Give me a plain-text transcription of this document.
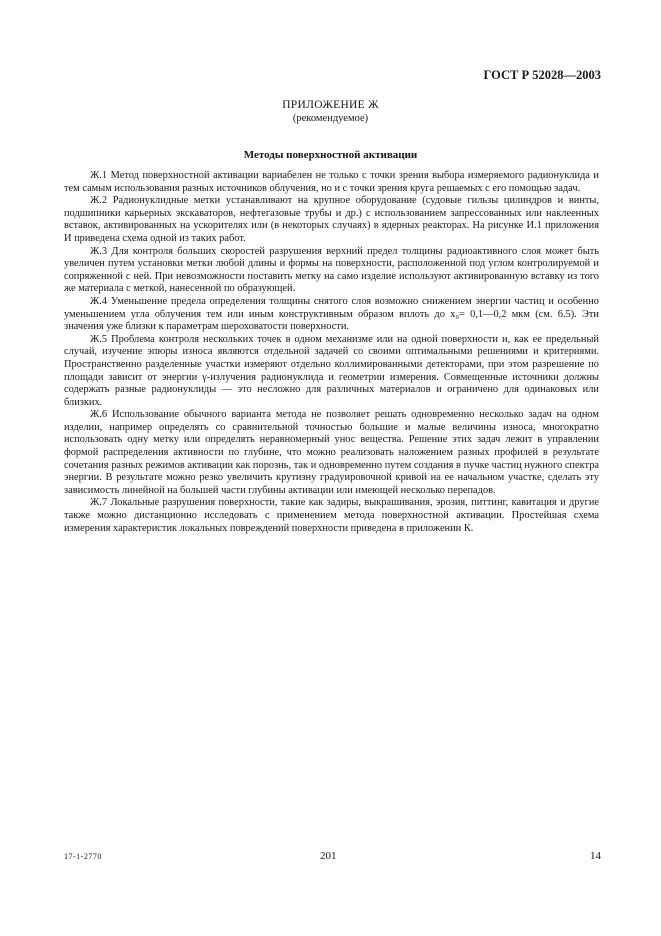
ГОСТ Р 52028—2003
ПРИЛОЖЕНИЕ Ж
(рекомендуемое)
Методы поверхностной активации

Ж.1 Метод поверхностной активации вариабелен не только с точки зрения выбора измеряемого радионуклида и тем самым использования разных источников облучения, но и с точки зрения круга решаемых с его помощью задач.

Ж.2 Радионуклидные метки устанавливают на крупное оборудование (судовые гильзы цилиндров и винты, подшипники карьерных экскаваторов, нефтегазовые трубы и др.) с использованием запрессованных или наклеенных вставок, активированных на ускорителях или (в некоторых случаях) в ядерных реакторах. На рисунке И.1 приложения И приведена схема одной из таких работ.

Ж.3 Для контроля больших скоростей разрушения верхний предел толщины радиоактивного слоя может быть увеличен путем установки метки любой длины и формы на поверхности, расположенной под углом контролируемой и сопряженной с ней. При невозможности поставить метку на само изделие используют активированную вставку из того же материала с меткой, нанесенной по образующей.

Ж.4 Уменьшение предела определения толщины снятого слоя возможно снижением энергии частиц и особенно уменьшением угла облучения тем или иным конструктивным образом вплоть до x₀= 0,1—0,2 мкм (см. 6.5). Эти значения уже близки к параметрам шероховатости поверхности.

Ж.5 Проблема контроля нескольких точек в одном механизме или на одной поверхности и, как ее предельный случай, изучение эпюры износа являются отдельной задачей со своими оптимальными решениями и критериями. Пространственно разделенные участки измеряют отдельно коллимированными детекторами, при этом разрешение по площади зависит от энергии γ-излучения радионуклида и геометрии измерения. Совмещенные источники должны содержать разные радионуклиды — это несложно для различных материалов и ограничено для одинаковых или близких.

Ж.6 Использование обычного варианта метода не позволяет решать одновременно несколько задач на одном изделии, например определять со сравнительной точностью большие и малые величины износа, многократно использовать одну метку или определять неравномерный унос вещества. Решение этих задач лежит в управлении формой распределения активности по глубине, что можно реализовать наложением разных профилей в результате сочетания разных режимов активации как порознь, так и одновременно путем создания в пучке частиц нужного спектра энергии. В результате можно резко увеличить крутизну градуировочной кривой на ее начальном участке, сделать эту зависимость линейной на большей части глубины активации или имеющей несколько перепадов.

Ж.7 Локальные разрушения поверхности, такие как задиры, выкрашивания, эрозия, питтинг, кавитация и другие также можно дистанционно исследовать с применением метода поверхностной активации. Простейшая схема измерения характеристик локальных повреждений поверхности приведена в приложении К.

17-1-2770	201	14
